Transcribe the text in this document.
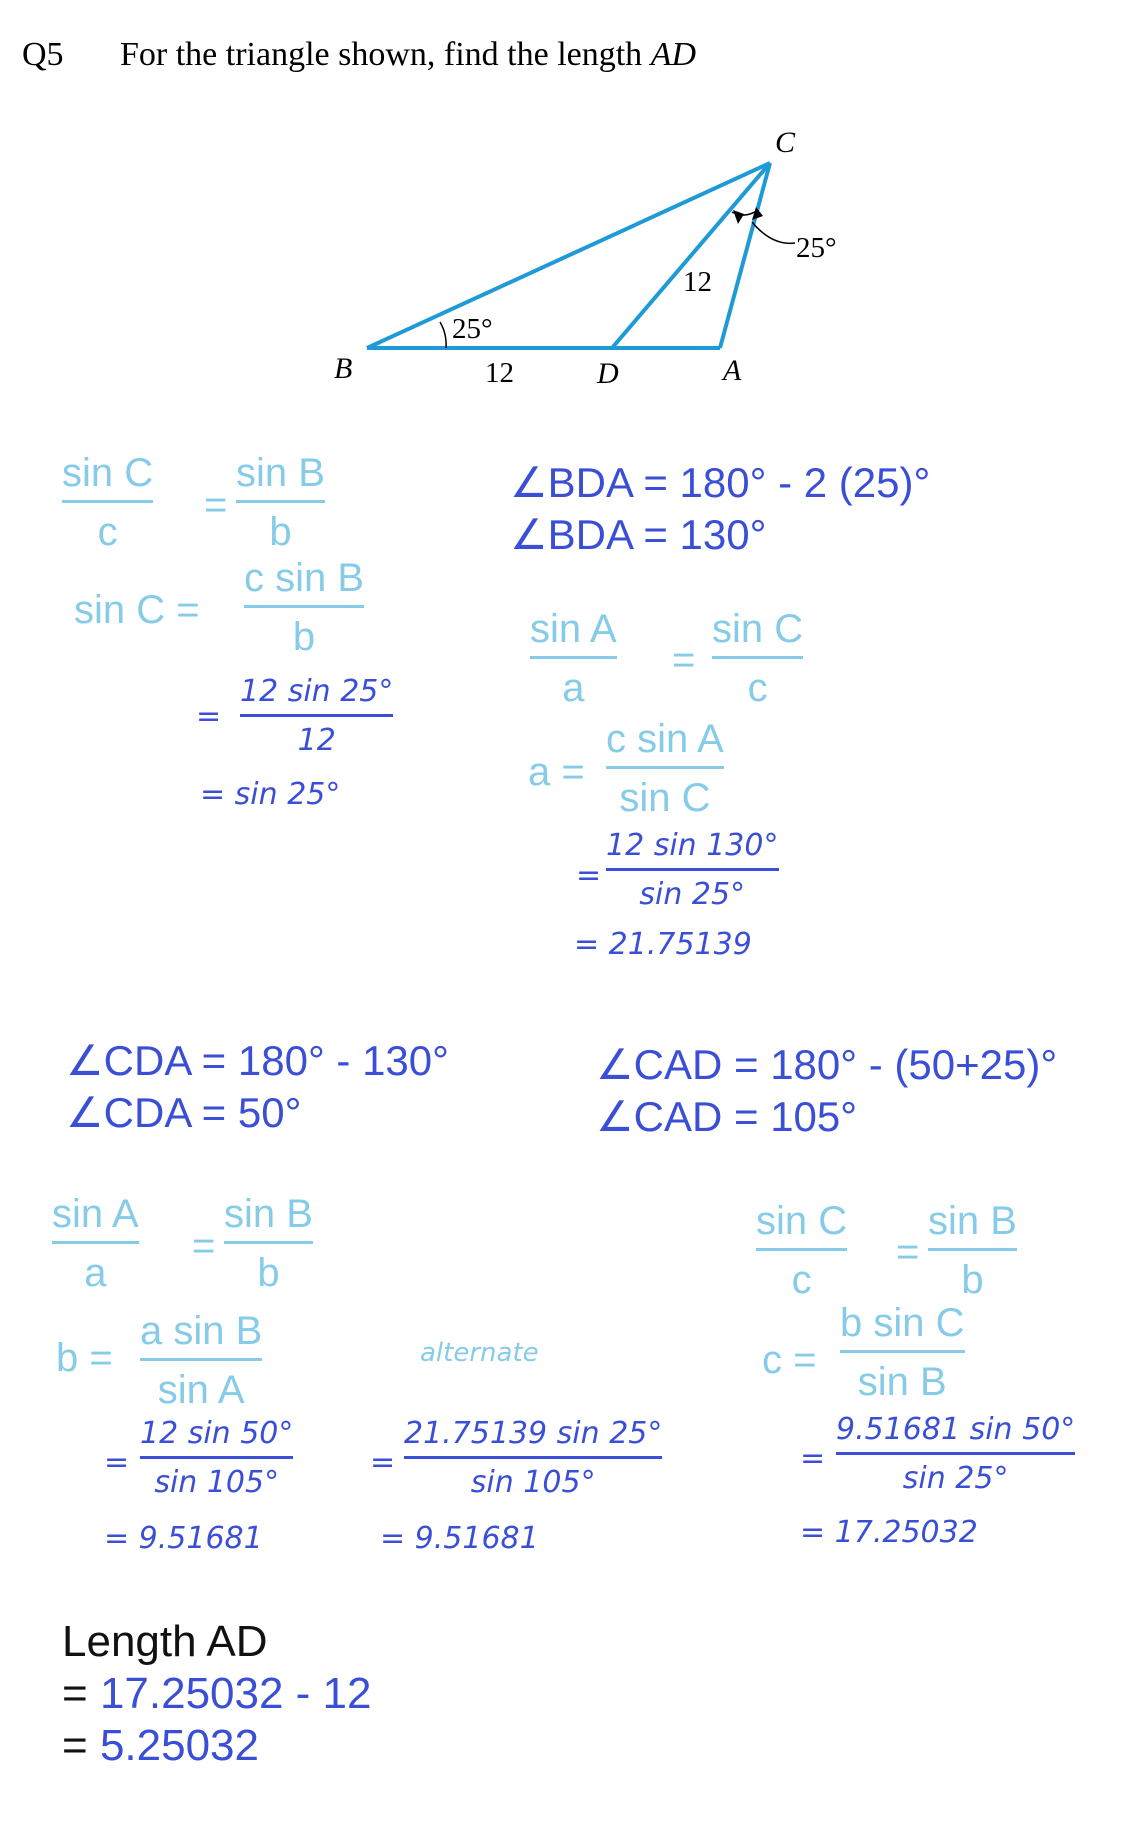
Q5 For the triangle shown, find the length AD
C
B	D	A
25°
25°
12
12
sin C
c
=
sin B
b
sin C =
c sin B
b
=
12 sin 25°
12
= sin 25°
∠BDA = 180° - 2 (25)°
∠BDA = 130°
sin A
a
=
sin C
c
a =
c sin A
sin C
=
12 sin 130°
sin 25°
= 21.75139
∠CDA = 180° - 130°
∠CDA = 50°
sin A
a
=
sin B
b
b =
a sin B
sin A
=
12 sin 50°
sin 105°
= 9.51681
alternate
=
21.75139 sin 25°
sin 105°
= 9.51681
∠CAD = 180° - (50+25)°
∠CAD = 105°
sin C
c
=
sin B
b
c =
b sin C
sin B
=
9.51681 sin 50°
sin 25°
= 17.25032
Length AD
= 17.25032 - 12
= 5.25032
